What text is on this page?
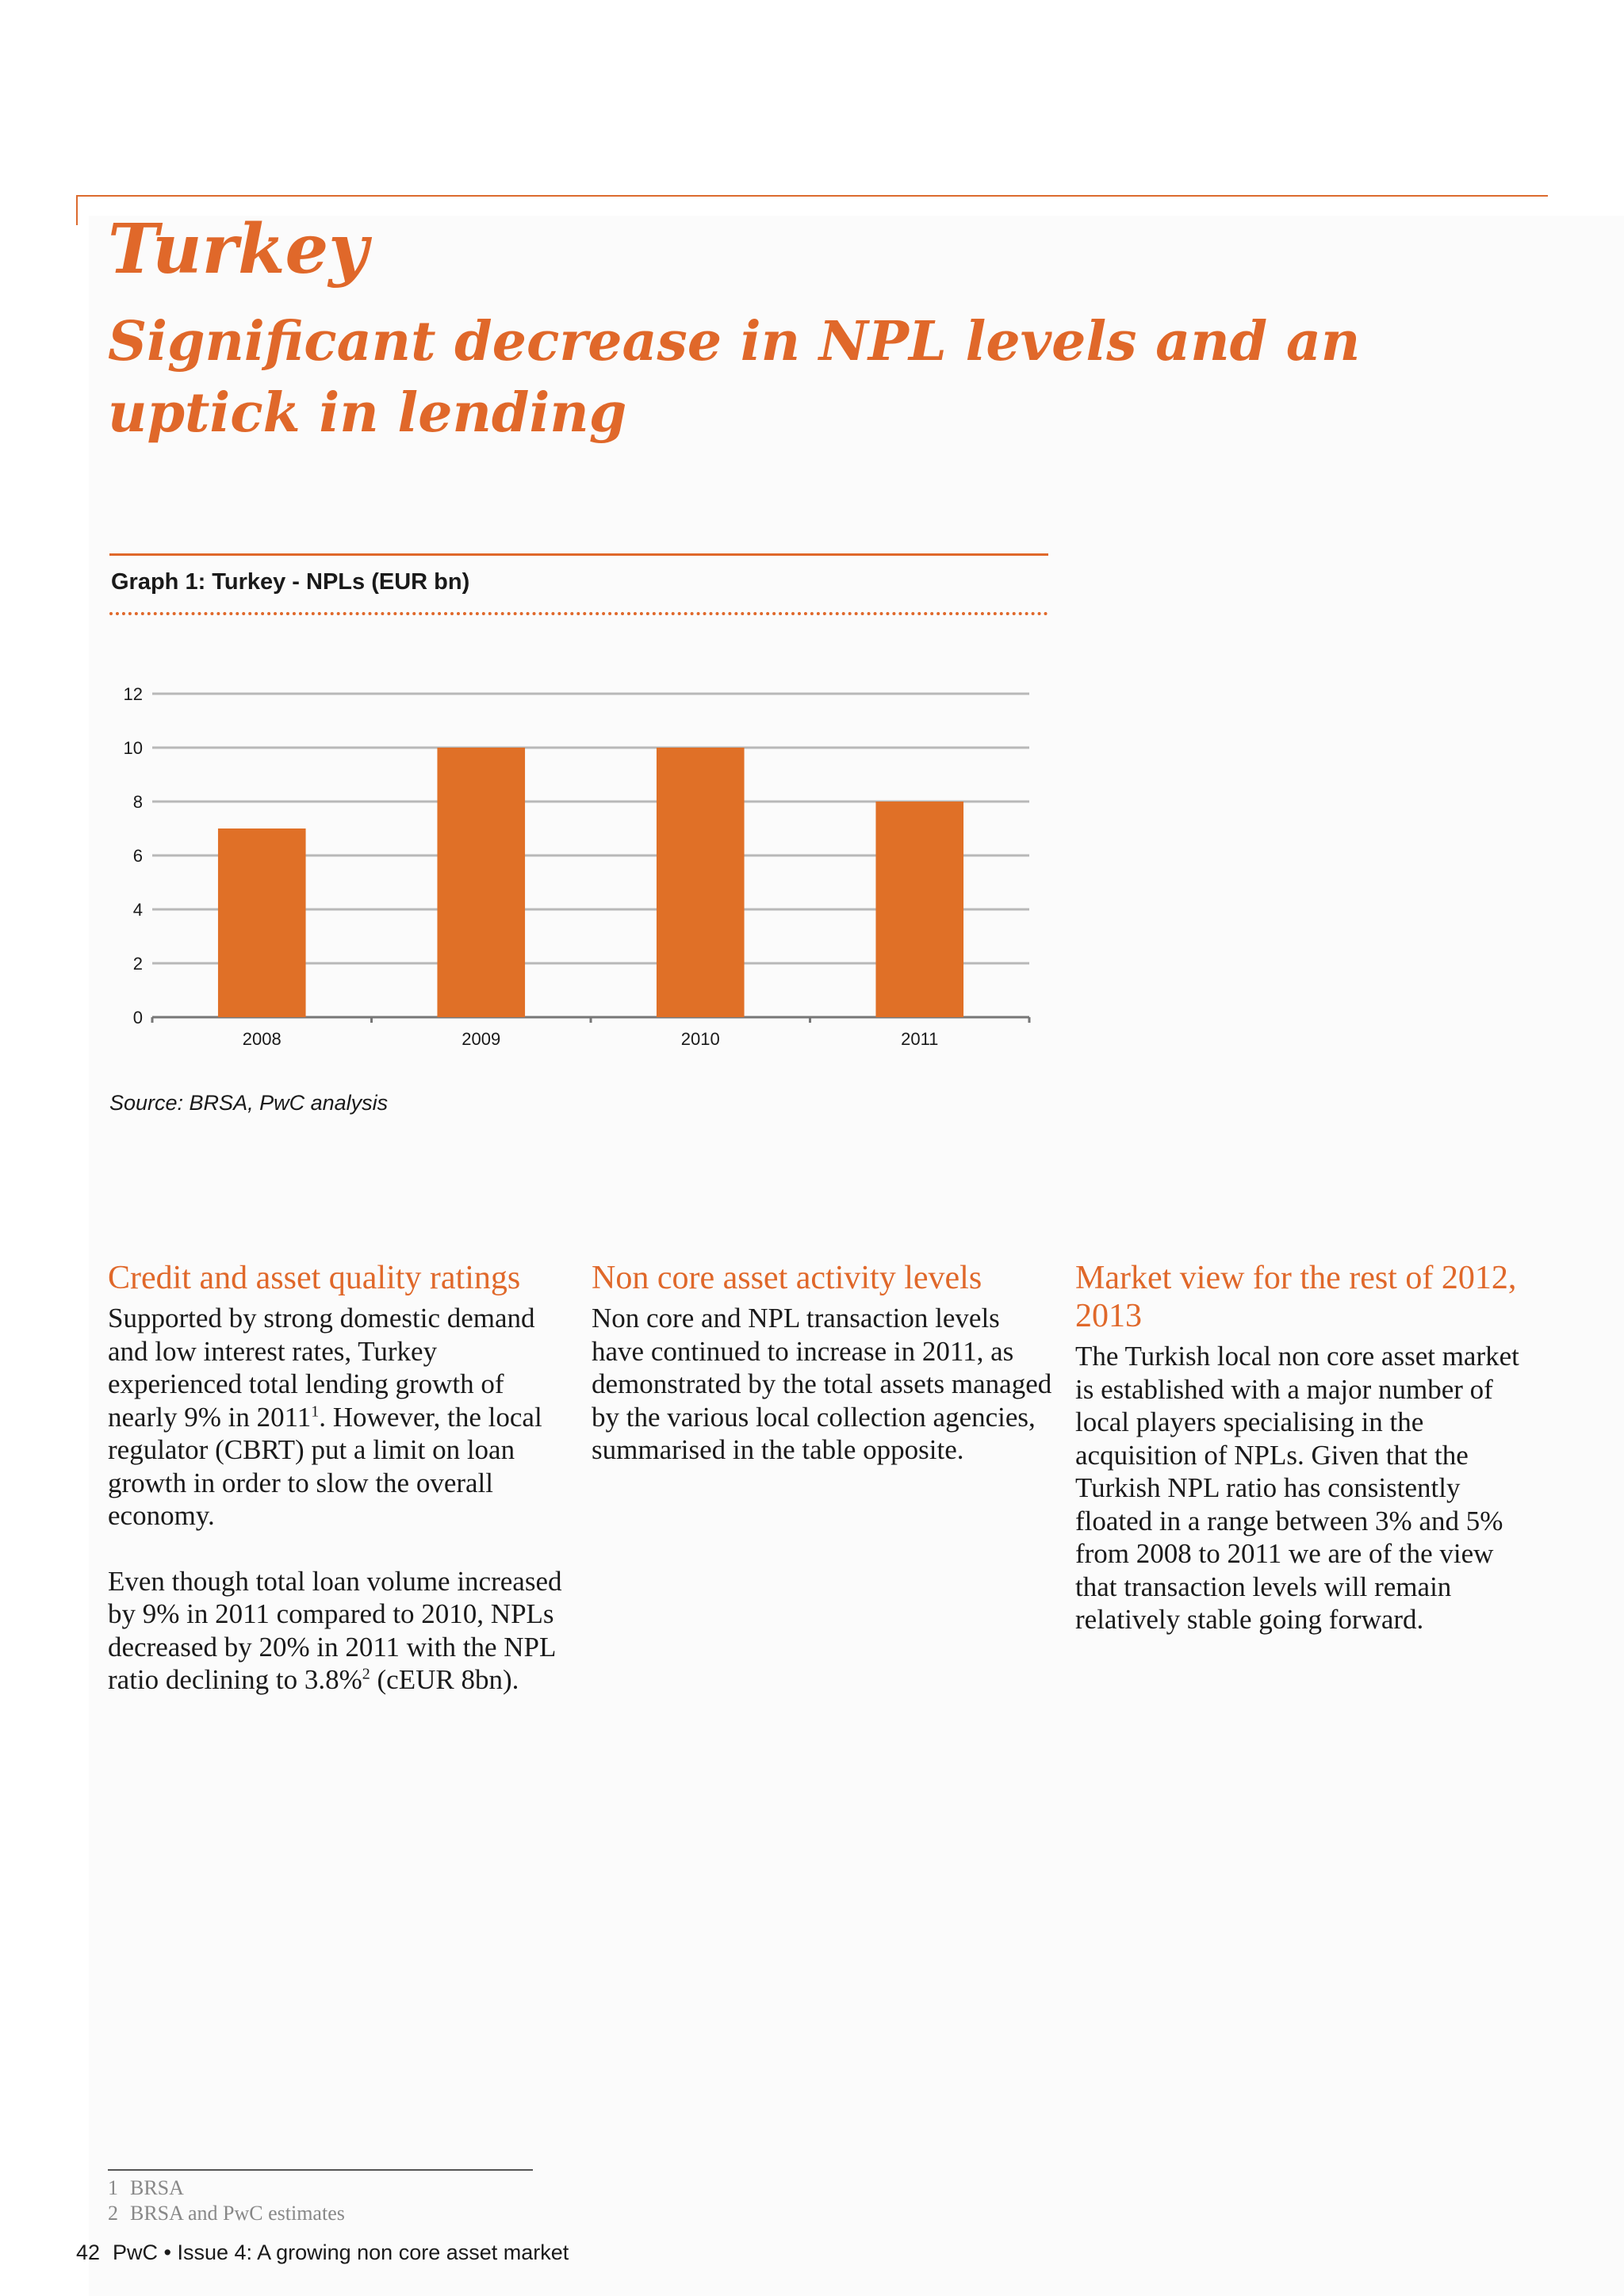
Turkey
Significant decrease in NPL levels and an uptick in lending

Graph 1: Turkey - NPLs (EUR bn)

0
2
4
6
8
10
12
2008	2009	2010	2011

Source: BRSA, PwC analysis

Credit and asset quality ratings

Supported by strong domestic demand and low interest rates, Turkey experienced total lending growth of nearly 9% in 2011$^1$. However, the local regulator (CBRT) put a limit on loan growth in order to slow the overall economy.

Even though total loan volume increased by 9% in 2011 compared to 2010, NPLs decreased by 20% in 2011 with the NPL ratio declining to 3.8%$^2$ (cEUR 8bn).

Non core asset activity levels

Non core and NPL transaction levels have continued to increase in 2011, as demonstrated by the total assets managed by the various local collection agencies, summarised in the table opposite.

Market view for the rest of 2012, 2013

The Turkish local non core asset market is established with a major number of local players specialising in the acquisition of NPLs. Given that the Turkish NPL ratio has consistently floated in a range between 3% and 5% from 2008 to 2011 we are of the view that transaction levels will remain relatively stable going forward.

1 BRSA
2 BRSA and PwC estimates
42 PwC • Issue 4: A growing non core asset market
